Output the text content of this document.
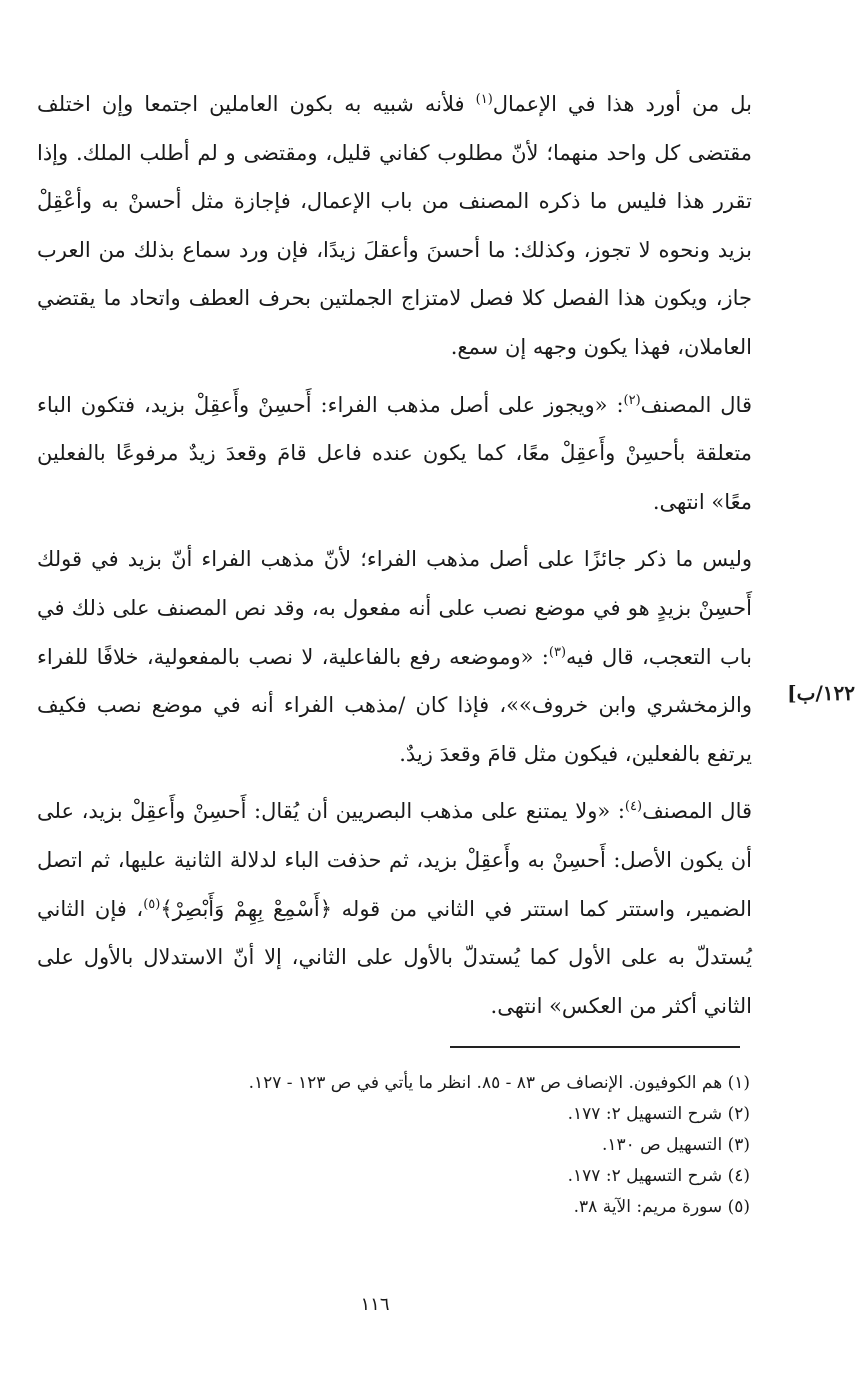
١٢٢/ب]

بل من أورد هذا في الإعمال$^{(١)}$ فلأنه شبيه به بكون العاملين اجتمعا وإن اختلف مقتضى كل واحد منهما؛ لأنّ مطلوب كفاني قليل، ومقتضى و لم أطلب الملك. وإذا تقرر هذا فليس ما ذكره المصنف من باب الإعمال، فإجازة مثل أحسنْ به وأعْقِلْ بزيد ونحوه لا تجوز، وكذلك: ما أحسنَ وأعقلَ زيدًا، فإن ورد سماع بذلك من العرب جاز، ويكون هذا الفصل كلا فصل لامتزاج الجملتين بحرف العطف واتحاد ما يقتضي العاملان، فهذا يكون وجهه إن سمع.

قال المصنف$^{(٢)}$: «ويجوز على أصل مذهب الفراء: أَحسِنْ وأَعقِلْ بزيد، فتكون الباء متعلقة بأحسِنْ وأَعقِلْ معًا، كما يكون عنده فاعل قامَ وقعدَ زيدٌ مرفوعًا بالفعلين معًا» انتهى.

وليس ما ذكر جائزًا على أصل مذهب الفراء؛ لأنّ مذهب الفراء أنّ بزيد في قولك أَحسِنْ بزيدٍ هو في موضع نصب على أنه مفعول به، وقد نص المصنف على ذلك في باب التعجب، قال فيه$^{(٣)}$: «وموضعه رفع بالفاعلية، لا نصب بالمفعولية، خلافًا للفراء والزمخشري وابن خروف»»، فإذا كان /مذهب الفراء أنه في موضع نصب فكيف يرتفع بالفعلين، فيكون مثل قامَ وقعدَ زيدٌ.

قال المصنف$^{(٤)}$: «ولا يمتنع على مذهب البصريين أن يُقال: أَحسِنْ وأَعقِلْ بزيد، على أن يكون الأصل: أَحسِنْ به وأَعقِلْ بزيد، ثم حذفت الباء لدلالة الثانية عليها، ثم اتصل الضمير، واستتر كما استتر في الثاني من قوله ﴿أَسْمِعْ بِهِمْ وَأَبْصِرْ﴾$^{(٥)}$، فإن الثاني يُستدلّ به على الأول كما يُستدلّ بالأول على الثاني، إلا أنّ الاستدلال بالأول على الثاني أكثر من العكس» انتهى.

(١) هم الكوفيون. الإنصاف ص ٨٣ - ٨٥. انظر ما يأتي في ص ١٢٣ - ١٢٧.
(٢) شرح التسهيل ٢: ١٧٧.
(٣) التسهيل ص ١٣٠.
(٤) شرح التسهيل ٢: ١٧٧.
(٥) سورة مريم: الآية ٣٨.
١١٦
